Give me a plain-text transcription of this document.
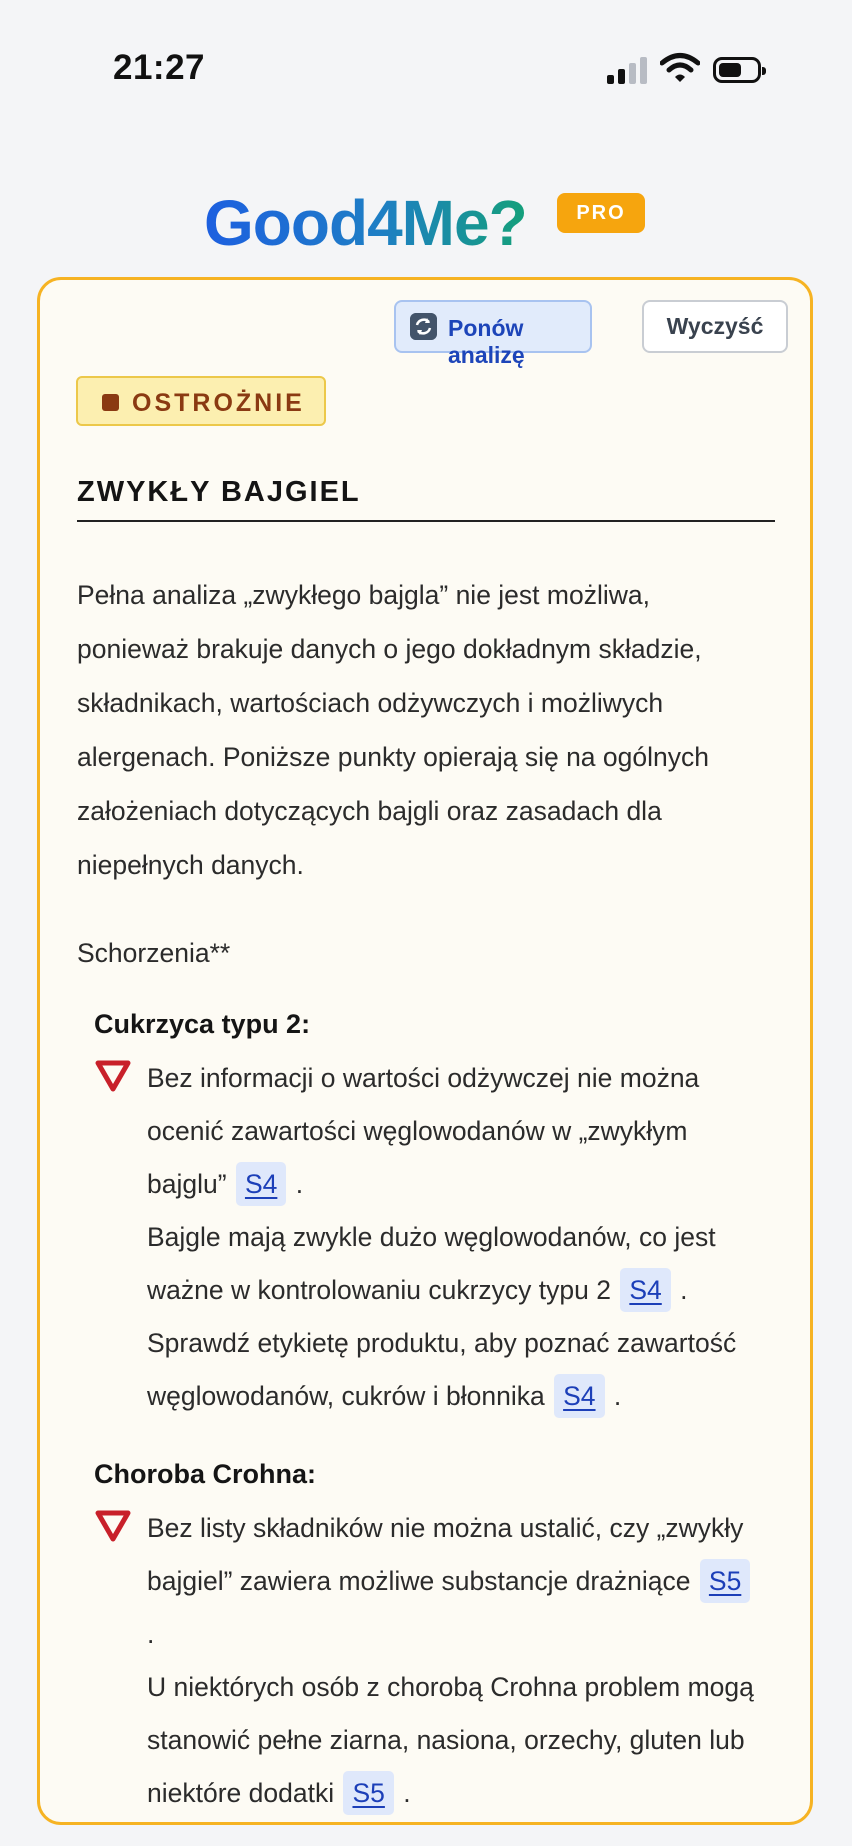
21:27
Good4Me?	PRO
Ponów analizę
Wyczyść
OSTROŻNIE
ZWYKŁY BAJGIEL
Pełna analiza „zwykłego bajgla” nie jest możliwa, ponieważ brakuje danych o jego dokładnym składzie, składnikach, wartościach odżywczych i możliwych alergenach. Poniższe punkty opierają się na ogólnych założeniach dotyczących bajgli oraz zasadach dla niepełnych danych.
Schorzenia**
Cukrzyca typu 2:
Bez informacji o wartości odżywczej nie można ocenić zawartości węglowodanów w „zwykłym bajglu” S4 .
Bajgle mają zwykle dużo węglowodanów, co jest ważne w kontrolowaniu cukrzycy typu 2 S4 .
Sprawdź etykietę produktu, aby poznać zawartość węglowodanów, cukrów i błonnika S4 .
Choroba Crohna:
Bez listy składników nie można ustalić, czy „zwykły bajgiel” zawiera możliwe substancje drażniące S5 .
U niektórych osób z chorobą Crohna problem mogą stanowić pełne ziarna, nasiona, orzechy, gluten lub niektóre dodatki S5 .
